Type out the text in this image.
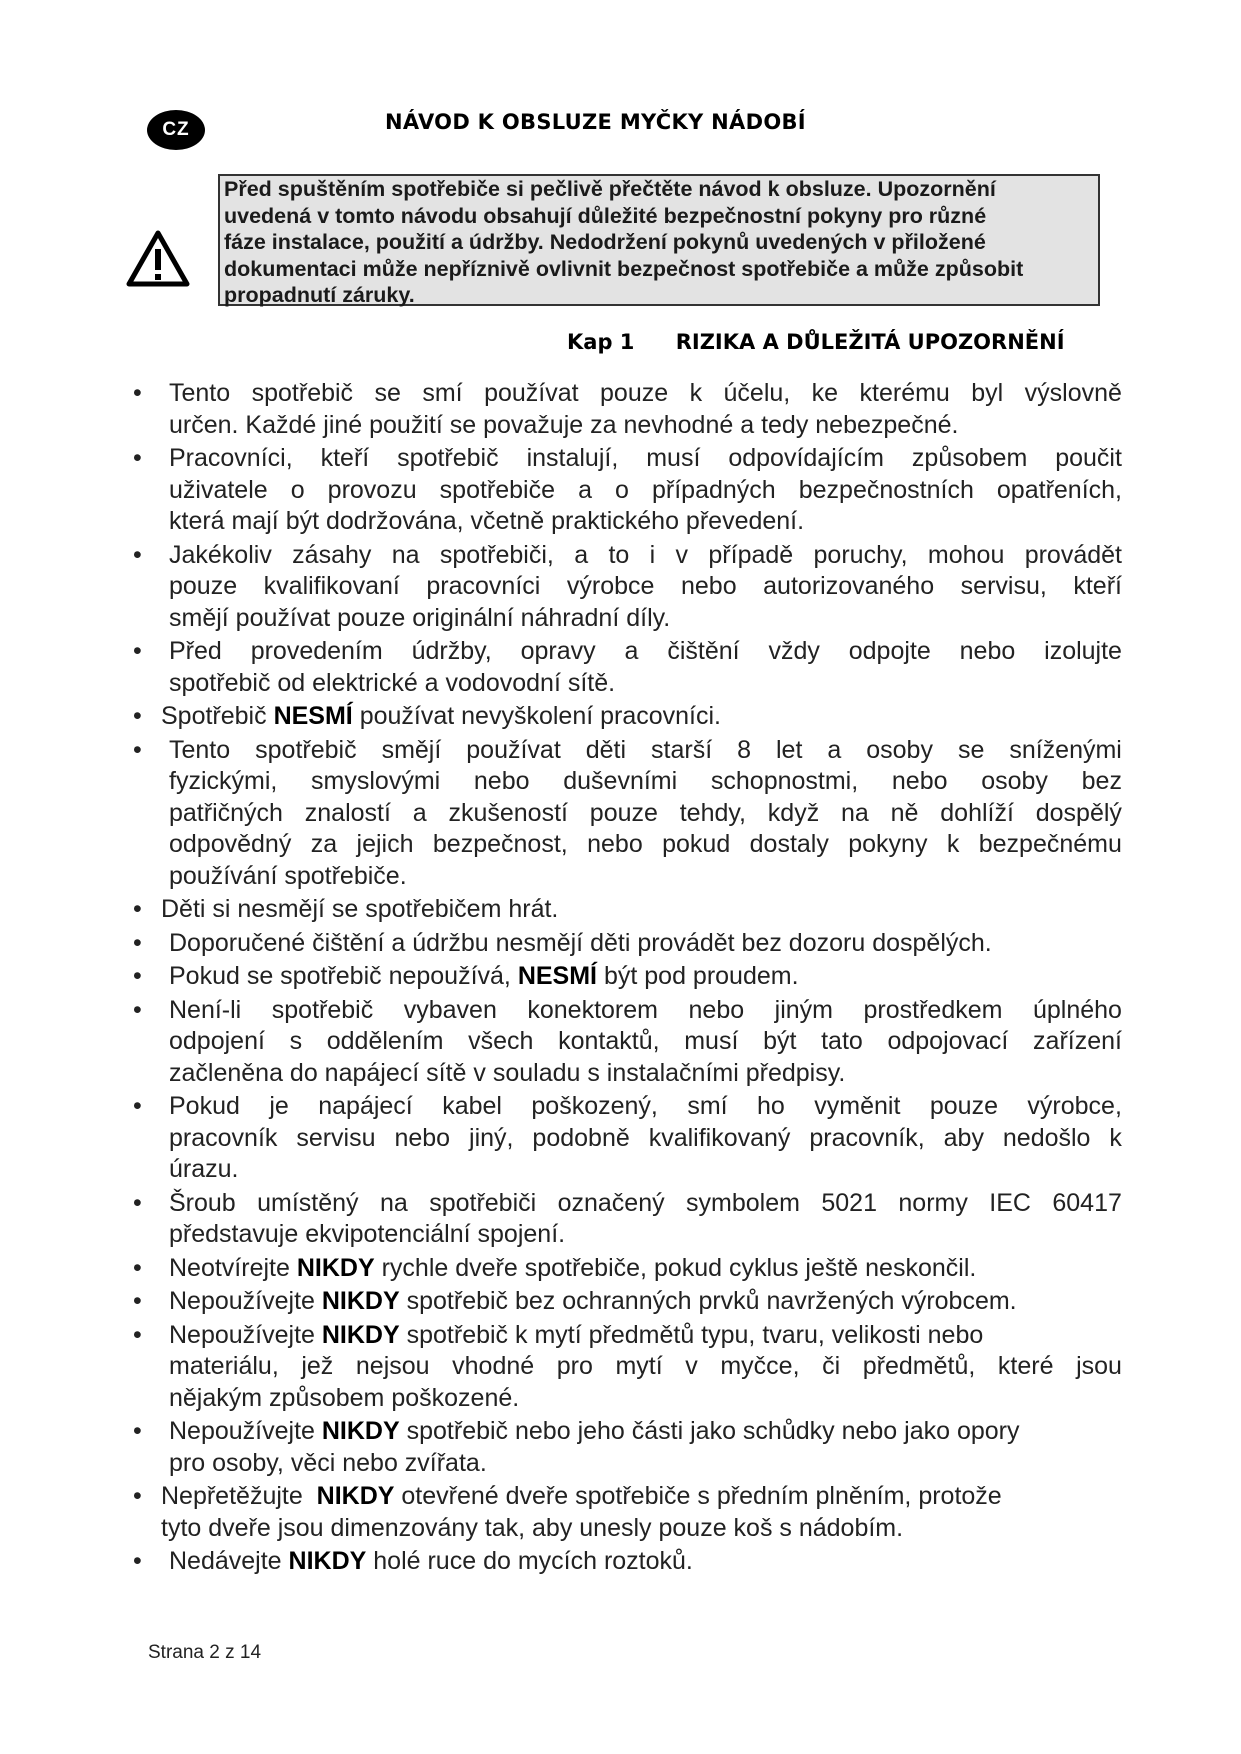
CZ	NÁVOD K OBSLUZE MYČKY NÁDOBÍ
Před spuštěním spotřebiče si pečlivě přečtěte návod k obsluze. Upozornění
uvedená v tomto návodu obsahují důležité bezpečnostní pokyny pro různé
fáze instalace, použití a údržby. Nedodržení pokynů uvedených v přiložené
dokumentaci může nepříznivě ovlivnit bezpečnost spotřebiče a může způsobit
propadnutí záruky.
Kap 1 RIZIKA A DŮLEŽITÁ UPOZORNĚNÍ
• Tento spotřebič se smí používat pouze k účelu, ke kterému byl výslovně
určen. Každé jiné použití se považuje za nevhodné a tedy nebezpečné.
• Pracovníci, kteří spotřebič instalují, musí odpovídajícím způsobem poučit
uživatele o provozu spotřebiče a o případných bezpečnostních opatřeních,
která mají být dodržována, včetně praktického převedení.
• Jakékoliv zásahy na spotřebiči, a to i v případě poruchy, mohou provádět
pouze kvalifikovaní pracovníci výrobce nebo autorizovaného servisu, kteří
smějí používat pouze originální náhradní díly.
• Před provedením údržby, opravy a čištění vždy odpojte nebo izolujte
spotřebič od elektrické a vodovodní sítě.
• Spotřebič NESMÍ používat nevyškolení pracovníci.
• Tento spotřebič smějí používat děti starší 8 let a osoby se sníženými
fyzickými, smyslovými nebo duševními schopnostmi, nebo osoby bez
patřičných znalostí a zkušeností pouze tehdy, když na ně dohlíží dospělý
odpovědný za jejich bezpečnost, nebo pokud dostaly pokyny k bezpečnému
používání spotřebiče.
• Děti si nesmějí se spotřebičem hrát.
• Doporučené čištění a údržbu nesmějí děti provádět bez dozoru dospělých.
• Pokud se spotřebič nepoužívá, NESMÍ být pod proudem.
• Není-li spotřebič vybaven konektorem nebo jiným prostředkem úplného
odpojení s oddělením všech kontaktů, musí být tato odpojovací zařízení
začleněna do napájecí sítě v souladu s instalačními předpisy.
• Pokud je napájecí kabel poškozený, smí ho vyměnit pouze výrobce,
pracovník servisu nebo jiný, podobně kvalifikovaný pracovník, aby nedošlo k
úrazu.
• Šroub umístěný na spotřebiči označený symbolem 5021 normy IEC 60417
představuje ekvipotenciální spojení.
• Neotvírejte NIKDY rychle dveře spotřebiče, pokud cyklus ještě neskončil.
• Nepoužívejte NIKDY spotřebič bez ochranných prvků navržených výrobcem.
• Nepoužívejte NIKDY spotřebič k mytí předmětů typu, tvaru, velikosti nebo
materiálu, jež nejsou vhodné pro mytí v myčce, či předmětů, které jsou
nějakým způsobem poškozené.
• Nepoužívejte NIKDY spotřebič nebo jeho části jako schůdky nebo jako opory
pro osoby, věci nebo zvířata.
• Nepřetěžujte  NIKDY otevřené dveře spotřebiče s předním plněním, protože
tyto dveře jsou dimenzovány tak, aby unesly pouze koš s nádobím.
• Nedávejte NIKDY holé ruce do mycích roztoků.
Strana 2 z 14
